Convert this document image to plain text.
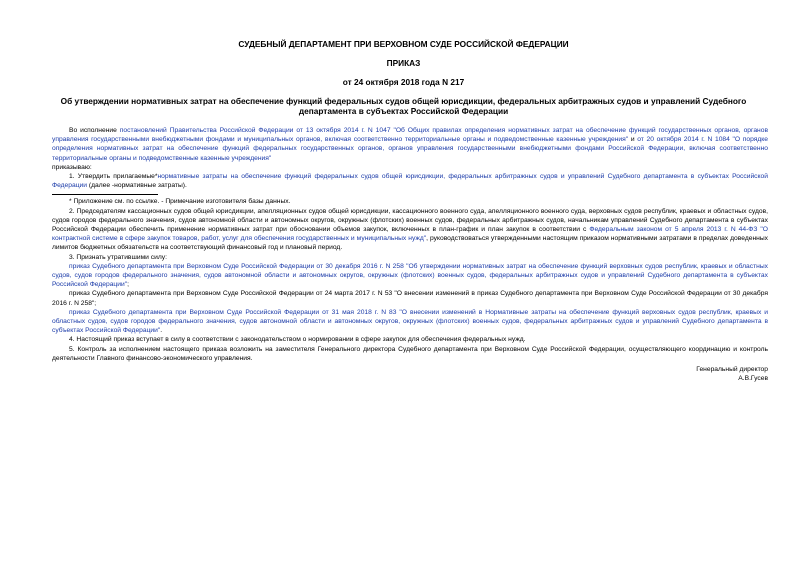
СУДЕБНЫЙ ДЕПАРТАМЕНТ ПРИ ВЕРХОВНОМ СУДЕ РОССИЙСКОЙ ФЕДЕРАЦИИ
ПРИКАЗ
от 24 октября 2018 года N 217
Об утверждении нормативных затрат на обеспечение функций федеральных судов общей юрисдикции, федеральных арбитражных судов и управлений Судебного департамента в субъектах Российской Федерации

Во исполнение постановлений Правительства Российской Федерации от 13 октября 2014 г. N 1047 "Об Общих правилах определения нормативных затрат на обеспечение функций государственных органов, органов управления государственными внебюджетными фондами и муниципальных органов, включая соответственно территориальные органы и подведомственные казенные учреждения" и от 20 октября 2014 г. N 1084 "О порядке определения нормативных затрат на обеспечение функций федеральных государственных органов, органов управления государственными внебюджетными фондами Российской Федерации, включая соответственно территориальные органы и подведомственные казенные учреждения"

приказываю:

1. Утвердить прилагаемые*нормативные затраты на обеспечение функций федеральных судов общей юрисдикции, федеральных арбитражных судов и управлений Судебного департамента в субъектах Российской Федерации (далее -нормативные затраты).

* Приложение см. по ссылке. - Примечание изготовителя базы данных.

2. Председателям кассационных судов общей юрисдикции, апелляционных судов общей юрисдикции, кассационного военного суда, апелляционного военного суда, верховных судов республик, краевых и областных судов, судов городов федерального значения, судов автономной области и автономных округов, окружных (флотских) военных судов, федеральных арбитражных судов, начальникам управлений Судебного департамента в субъектах Российской Федерации обеспечить применение нормативных затрат при обосновании объемов закупок, включенных в план-график и план закупок в соответствии с Федеральным законом от 5 апреля 2013 г. N 44-ФЗ "О контрактной системе в сфере закупок товаров, работ, услуг для обеспечения государственных и муниципальных нужд", руководствоваться утвержденными настоящим приказом нормативными затратами в пределах доведенных лимитов бюджетных обязательств на соответствующий финансовый год и плановый период.

3. Признать утратившими силу:

приказ Судебного департамента при Верховном Суде Российской Федерации от 30 декабря 2016 г. N 258 "Об утверждении нормативных затрат на обеспечение функций верховных судов республик, краевых и областных судов, судов городов федерального значения, судов автономной области и автономных округов, окружных (флотских) военных судов, федеральных арбитражных судов и управлений Судебного департамента в субъектах Российской Федерации";

приказ Судебного департамента при Верховном Суде Российской Федерации от 24 марта 2017 г. N 53 "О внесении изменений в приказ Судебного департамента при Верховном Суде Российской Федерации от 30 декабря 2016 г. N 258";

приказ Судебного департамента при Верховном Суде Российской Федерации от 31 мая 2018 г. N 83 "О внесении изменений в Нормативные затраты на обеспечение функций верховных судов республик, краевых и областных судов, судов городов федерального значения, судов автономной области и автономных округов, окружных (флотских) военных судов, федеральных арбитражных судов и управлений Судебного департамента в субъектах Российской Федерации".

4. Настоящий приказ вступает в силу в соответствии с законодательством о нормировании в сфере закупок для обеспечения федеральных нужд.

5. Контроль за исполнением настоящего приказа возложить на заместителя Генерального директора Судебного департамента при Верховном Суде Российской Федерации, осуществляющего координацию и контроль деятельности Главного финансово-экономического управления.

Генеральный директор

А.В.Гусев
